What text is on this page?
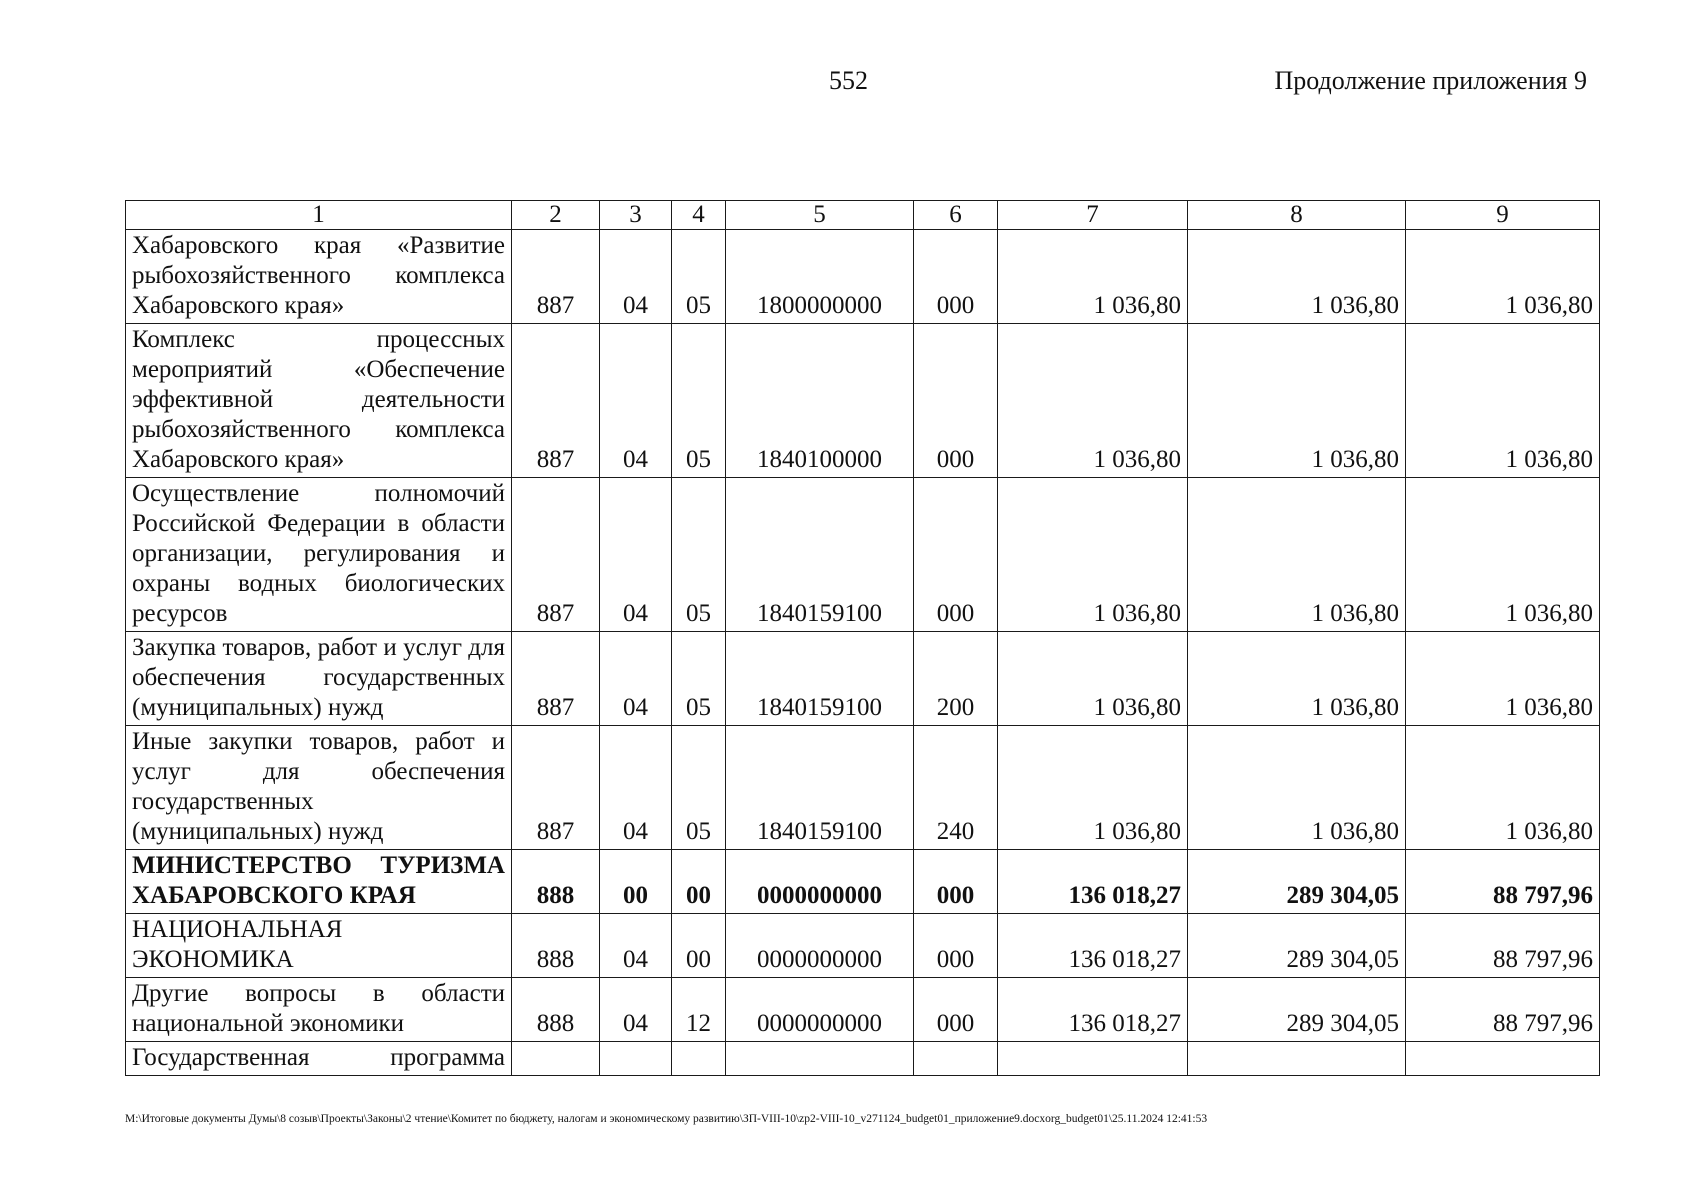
552	Продолжение приложения 9
1	2	3	4	5	6	7	8	9
Хабаровского края «Развитие рыбохозяйственного комплекса Хабаровского края»	887	04	05	1800000000	000	1 036,80	1 036,80	1 036,80
Комплекс процессных мероприятий «Обеспечение эффективной деятельности рыбохозяйственного комплекса Хабаровского края»	887	04	05	1840100000	000	1 036,80	1 036,80	1 036,80
Осуществление полномочий Российской Федерации в области организации, регулирования и охраны водных биологических ресурсов	887	04	05	1840159100	000	1 036,80	1 036,80	1 036,80
Закупка товаров, работ и услуг для обеспечения государственных (муниципальных) нужд	887	04	05	1840159100	200	1 036,80	1 036,80	1 036,80
Иные закупки товаров, работ и услуг для обеспечения государственных (муниципальных) нужд	887	04	05	1840159100	240	1 036,80	1 036,80	1 036,80
МИНИСТЕРСТВО ТУРИЗМА ХАБАРОВСКОГО КРАЯ	888	00	00	0000000000	000	136 018,27	289 304,05	88 797,96
НАЦИОНАЛЬНАЯ ЭКОНОМИКА	888	04	00	0000000000	000	136 018,27	289 304,05	88 797,96
Другие вопросы в области национальной экономики	888	04	12	0000000000	000	136 018,27	289 304,05	88 797,96
Государственная программа								
M:\Итоговые документы Думы\8 созыв\Проекты\Законы\2 чтение\Комитет по бюджету, налогам и экономическому развитию\ЗП-VIII-10\zp2-VIII-10_v271124_budget01_приложение9.docxorg_budget01\25.11.2024 12:41:53
